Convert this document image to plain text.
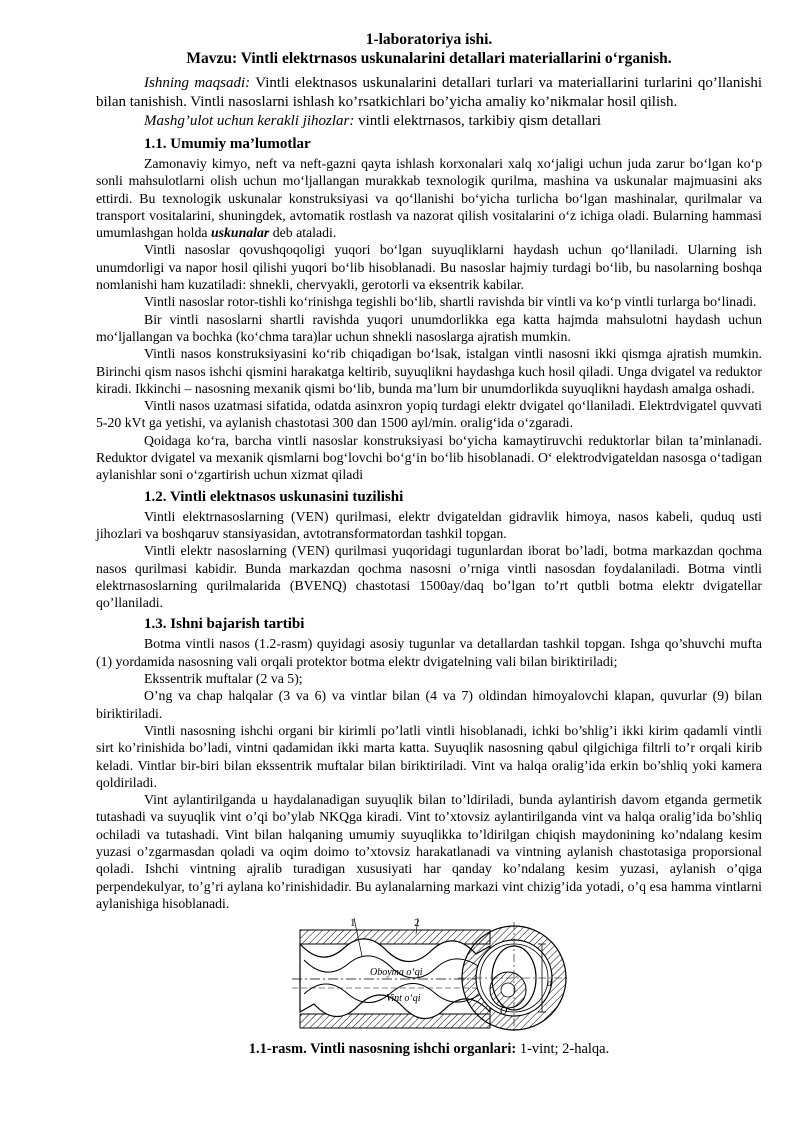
1-laboratoriya ishi.
Mavzu: Vintli elektrnasos uskunalarini detallari materiallarini o‘rganish.

Ishning maqsadi: Vintli elektnasos uskunalarini detallari turlari va materiallarini turlarini qo’llanishi bilan tanishish. Vintli nasoslarni ishlash ko’rsatkichlari bo’yicha amaliy ko’nikmalar hosil qilish.

Mashg’ulot uchun kerakli jihozlar: vintli elektrnasos, tarkibiy qism detallari

1.1. Umumiy ma’lumotlar

Zamonaviy kimyo, neft va neft-gazni qayta ishlash korxonalari xalq xo‘jaligi uchun juda zarur bo‘lgan ko‘p sonli mahsulotlarni olish uchun mo‘ljallangan murakkab texnologik qurilma, mashina va uskunalar majmuasini aks ettirdi. Bu texnologik uskunalar konstruksiyasi va qo‘llanishi bo‘yicha turlicha bo‘lgan mashinalar, qurilmalar va transport vositalarini, shuningdek, avtomatik rostlash va nazorat qilish vositalarini o‘z ichiga oladi. Bularning hammasi umumlashgan holda uskunalar deb ataladi.

Vintli nasoslar qovushqoqoligi yuqori bo‘lgan suyuqliklarni haydash uchun qo‘llaniladi. Ularning ish unumdorligi va napor hosil qilishi yuqori bo‘lib hisoblanadi. Bu nasoslar hajmiy turdagi bo‘lib, bu nasolarning boshqa nomlanishi ham kuzatiladi: shnekli, chervyakli, gerotorli va eksentrik kabilar.

Vintli nasoslar rotor-tishli ko‘rinishga tegishli bo‘lib, shartli ravishda bir vintli va ko‘p vintli turlarga bo‘linadi.

Bir vintli nasoslarni shartli ravishda yuqori unumdorlikka ega katta hajmda mahsulotni haydash uchun mo‘ljallangan va bochka (ko‘chma tara)lar uchun shnekli nasoslarga ajratish mumkin.

Vintli nasos konstruksiyasini ko‘rib chiqadigan bo‘lsak, istalgan vintli nasosni ikki qismga ajratish mumkin. Birinchi qism nasos ishchi qismini harakatga keltirib, suyuqlikni haydashga kuch hosil qiladi. Unga dvigatel va reduktor kiradi. Ikkinchi – nasosning mexanik qismi bo‘lib, bunda ma’lum bir unumdorlikda suyuqlikni haydash amalga oshadi.

Vintli nasos uzatmasi sifatida, odatda asinxron yopiq turdagi elektr dvigatel qo‘llaniladi. Elektrdvigatel quvvati 5-20 kVt ga yetishi, va aylanish chastotasi 300 dan 1500 ayl/min. oralig‘ida o‘zgaradi.

Qoidaga ko‘ra, barcha vintli nasoslar konstruksiyasi bo‘yicha kamaytiruvchi reduktorlar bilan ta’minlanadi. Reduktor dvigatel va mexanik qismlarni bog‘lovchi bo‘g‘in bo‘lib hisoblanadi. O‘ elektrodvigateldan nasosga o‘tadigan aylanishlar soni o‘zgartirish uchun xizmat qiladi

1.2. Vintli elektnasos uskunasini tuzilishi

Vintli elektrnasoslarning (VEN) qurilmasi, elektr dvigateldan gidravlik himoya, nasos kabeli, quduq usti jihozlari va boshqaruv stansiyasidan, avtotransformatordan tashkil topgan.

Vintli elektr nasoslarning (VEN) qurilmasi yuqoridagi tugunlardan iborat bo’ladi, botma markazdan qochma nasos qurilmasi kabidir. Bunda markazdan qochma nasosni o’rniga vintli nasosdan foydalaniladi. Botma vintli elektrnasoslarning qurilmalarida (BVENQ) chastotasi 1500ay/daq bo’lgan to’rt qutbli botma elektr dvigatellar qo’llaniladi.

1.3. Ishni bajarish tartibi

Botma vintli nasos (1.2-rasm) quyidagi asosiy tugunlar va detallardan tashkil topgan. Ishga qo’shuvchi mufta (1) yordamida nasosning vali orqali protektor botma elektr dvigatelning vali bilan biriktiriladi;

Ekssentrik muftalar (2 va 5);

O’ng va chap halqalar (3 va 6) va vintlar bilan (4 va 7) oldindan himoyalovchi klapan, quvurlar (9) bilan biriktiriladi.

Vintli nasosning ishchi organi bir kirimli po’latli vintli hisoblanadi, ichki bo’shlig’i ikki kirim qadamli vintli sirt ko’rinishida bo’ladi, vintni qadamidan ikki marta katta. Suyuqlik nasosning qabul qilgichiga filtrli to’r orqali kirib keladi. Vintlar bir-biri bilan ekssentrik muftalar bilan biriktiriladi. Vint va halqa oralig’ida erkin bo’shliq yoki kamera qoldiriladi.

Vint aylantirilganda u haydalanadigan suyuqlik bilan to’ldiriladi, bunda aylantirish davom etganda germetik tutashadi va suyuqlik vint o’qi bo’ylab NKQga kiradi. Vint to’xtovsiz aylantirilganda vint va halqa oralig’ida bo’shliq ochiladi va tutashadi. Vint bilan halqaning umumiy suyuqlikka to’ldirilgan chiqish maydonining ko’ndalang kesim yuzasi o’zgarmasdan qoladi va oqim doimo to’xtovsiz harakatlanadi va vintning aylanish chastotasiga proporsional qoladi. Ishchi vintning ajralib turadigan xususiyati har qanday ko’ndalang kesim yuzasi, aylanish o’qiga perpendekulyar, to’g’ri aylana ko’rinishidadir. Bu aylanalarning markazi vint chizig’ida yotadi, o’q esa hamma vintlarni aylanishiga hisoblanadi.

1	2
Oboyma o‘qi
Vint o‘qi
d
O
1.1-rasm. Vintli nasosning ishchi organlari: 1-vint; 2-halqa.
